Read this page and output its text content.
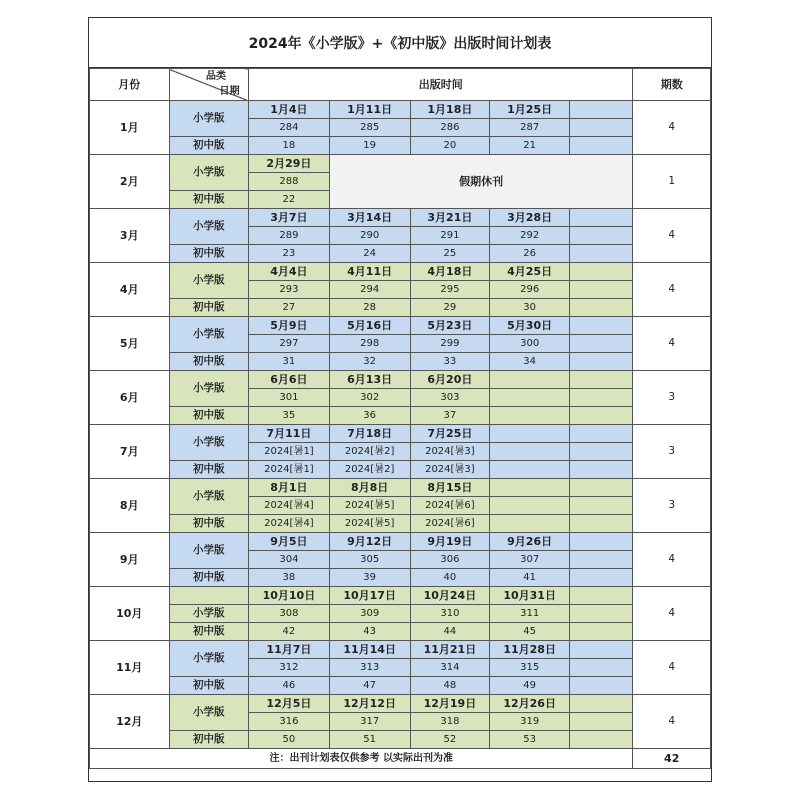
2024年《小学版》+《初中版》出版时间计划表
月份	品类
日期	出版时间					期数
1月	小学版	1月4日	1月11日	1月18日	1月25日		4
		284	285	286	287		
	初中版	18	19	20	21		
2月	小学版	2月29日	假期休刊				1
		288					
	初中版	22					
3月	小学版	3月7日	3月14日	3月21日	3月28日		4
		289	290	291	292		
	初中版	23	24	25	26		
4月	小学版	4月4日	4月11日	4月18日	4月25日		4
		293	294	295	296		
	初中版	27	28	29	30		
5月	小学版	5月9日	5月16日	5月23日	5月30日		4
		297	298	299	300		
	初中版	31	32	33	34		
6月	小学版	6月6日	6月13日	6月20日			3
		301	302	303			
	初中版	35	36	37			
7月	小学版	7月11日	7月18日	7月25日			3
		2024[暑1]	2024[暑2]	2024[暑3]			
	初中版	2024[暑1]	2024[暑2]	2024[暑3]			
8月	小学版	8月1日	8月8日	8月15日			3
		2024[暑4]	2024[暑5]	2024[暑6]			
	初中版	2024[暑4]	2024[暑5]	2024[暑6]			
9月	小学版	9月5日	9月12日	9月19日	9月26日		4
		304	305	306	307		
	初中版	38	39	40	41		
10月		10月10日	10月17日	10月24日	10月31日		4
	小学版	308	309	310	311		
	初中版	42	43	44	45		
11月	小学版	11月7日	11月14日	11月21日	11月28日		4
		312	313	314	315		
	初中版	46	47	48	49		
12月	小学版	12月5日	12月12日	12月19日	12月26日		4
		316	317	318	319		
	初中版	50	51	52	53		
注：出刊计划表仅供参考 以实际出刊为准							42
